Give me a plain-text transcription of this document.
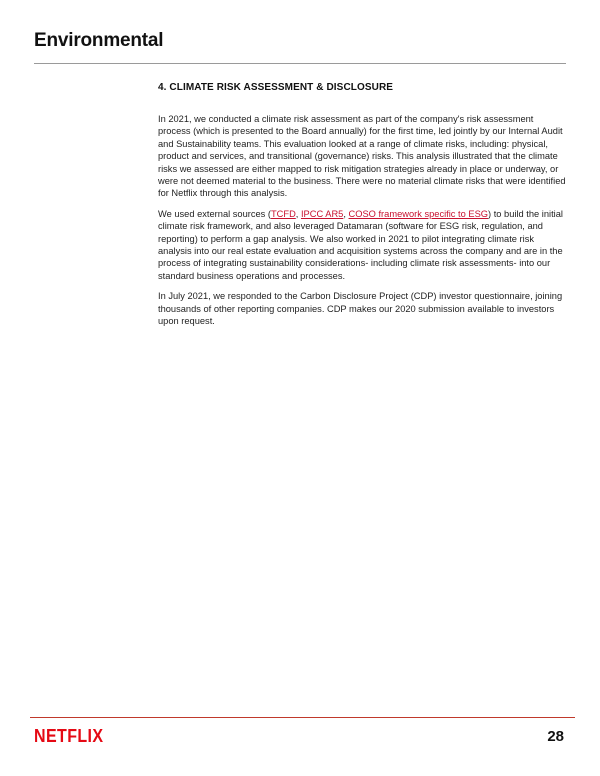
Environmental
4. CLIMATE RISK ASSESSMENT & DISCLOSURE

In 2021, we conducted a climate risk assessment as part of the company's risk assessment process (which is presented to the Board annually) for the first time, led jointly by our Internal Audit and Sustainability teams. This evaluation looked at a range of climate risks, including: physical, product and services, and transitional (governance) risks. This analysis illustrated that the climate risks we assessed are either mapped to risk mitigation strategies already in place or underway, or were not deemed material to the business. There were no material climate risks that were identified for Netflix through this analysis.

We used external sources (TCFD, IPCC AR5, COSO framework specific to ESG) to build the initial climate risk framework, and also leveraged Datamaran (software for ESG risk, regulation, and reporting) to perform a gap analysis. We also worked in 2021 to pilot integrating climate risk analysis into our real estate evaluation and acquisition systems across the company and are in the process of integrating sustainability considerations- including climate risk assessments- into our standard business operations and processes.

In July 2021, we responded to the Carbon Disclosure Project (CDP) investor questionnaire, joining thousands of other reporting companies. CDP makes our 2020 submission available to investors upon request.

NETFLIX	28
